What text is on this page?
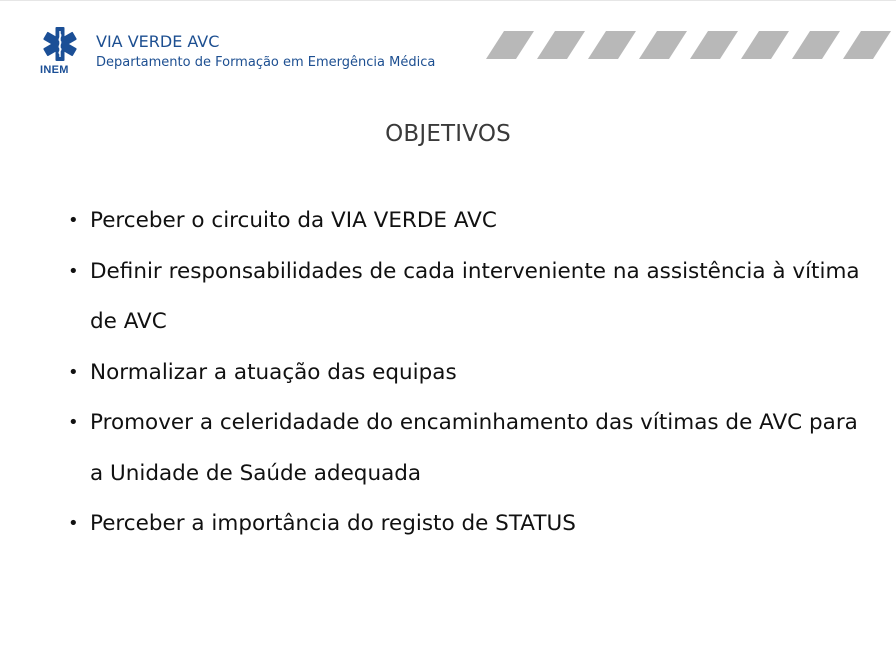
INEM
VIA VERDE AVC
Departamento de Formação em Emergência Médica
OBJETIVOS
• Perceber o circuito da VIA VERDE AVC
• Definir responsabilidades de cada interveniente na assistência à vítima de AVC
• Normalizar a atuação das equipas
• Promover a celeridadade do encaminhamento das vítimas de AVC para a Unidade de Saúde adequada
• Perceber a importância do registo de STATUS
